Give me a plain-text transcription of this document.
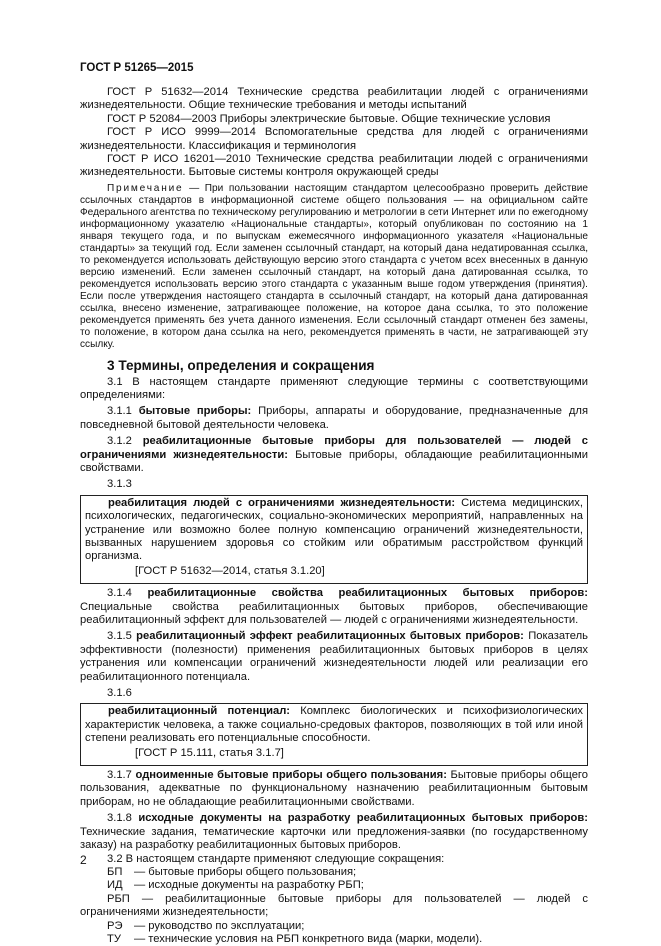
ГОСТ Р 51265—2015

ГОСТ Р 51632—2014 Технические средства реабилитации людей с ограничениями жизнедеятельности. Общие технические требования и методы испытаний

ГОСТ Р 52084—2003 Приборы электрические бытовые. Общие технические условия

ГОСТ Р ИСО 9999—2014 Вспомогательные средства для людей с ограничениями жизнедеятельности. Классификация и терминология

ГОСТ Р ИСО 16201—2010 Технические средства реабилитации людей с ограничениями жизнедеятельности. Бытовые системы контроля окружающей среды

Примечание — При пользовании настоящим стандартом целесообразно проверить действие ссылочных стандартов в информационной системе общего пользования — на официальном сайте Федерального агентства по техническому регулированию и метрологии в сети Интернет или по ежегодному информационному указателю «Национальные стандарты», который опубликован по состоянию на 1 января текущего года, и по выпускам ежемесячного информационного указателя «Национальные стандарты» за текущий год. Если заменен ссылочный стандарт, на который дана недатированная ссылка, то рекомендуется использовать действующую версию этого стандарта с учетом всех внесенных в данную версию изменений. Если заменен ссылочный стандарт, на который дана датированная ссылка, то рекомендуется использовать версию этого стандарта с указанным выше годом утверждения (принятия). Если после утверждения настоящего стандарта в ссылочный стандарт, на который дана датированная ссылка, внесено изменение, затрагивающее положение, на которое дана ссылка, то это положение рекомендуется применять без учета данного изменения. Если ссылочный стандарт отменен без замены, то положение, в котором дана ссылка на него, рекомендуется применять в части, не затрагивающей эту ссылку.

3 Термины, определения и сокращения

3.1 В настоящем стандарте применяют следующие термины с соответствующими определениями:

3.1.1 бытовые приборы: Приборы, аппараты и оборудование, предназначенные для повседневной бытовой деятельности человека.

3.1.2 реабилитационные бытовые приборы для пользователей — людей с ограничениями жизнедеятельности: Бытовые приборы, обладающие реабилитационными свойствами.

3.1.3

реабилитация людей с ограничениями жизнедеятельности: Система медицинских, психологических, педагогических, социально-экономических мероприятий, направленных на устранение или возможно более полную компенсацию ограничений жизнедеятельности, вызванных нарушением здоровья со стойким или обратимым расстройством функций организма.

[ГОСТ Р 51632—2014, статья 3.1.20]

3.1.4 реабилитационные свойства реабилитационных бытовых приборов: Специальные свойства реабилитационных бытовых приборов, обеспечивающие реабилитационный эффект для пользователей — людей с ограничениями жизнедеятельности.

3.1.5 реабилитационный эффект реабилитационных бытовых приборов: Показатель эффективности (полезности) применения реабилитационных бытовых приборов в целях устранения или компенсации ограничений жизнедеятельности людей или реализации его реабилитационного потенциала.

3.1.6

реабилитационный потенциал: Комплекс биологических и психофизиологических характеристик человека, а также социально-средовых факторов, позволяющих в той или иной степени реализовать его потенциальные способности.

[ГОСТ Р 15.111, статья 3.1.7]

3.1.7 одноименные бытовые приборы общего пользования: Бытовые приборы общего пользования, адекватные по функциональному назначению реабилитационным бытовым приборам, но не обладающие реабилитационными свойствами.

3.1.8 исходные документы на разработку реабилитационных бытовых приборов: Технические задания, тематические карточки или предложения-заявки (по государственному заказу) на разработку реабилитационных бытовых приборов.

3.2 В настоящем стандарте применяют следующие сокращения:

БП	— бытовые приборы общего пользования;
ИД	— исходные документы на разработку РБП;

РБП — реабилитационные бытовые приборы для пользователей — людей с ограничениями жизнедеятельности;

РЭ	— руководство по эксплуатации;
ТУ	— технические условия на РБП конкретного вида (марки, модели).
2
